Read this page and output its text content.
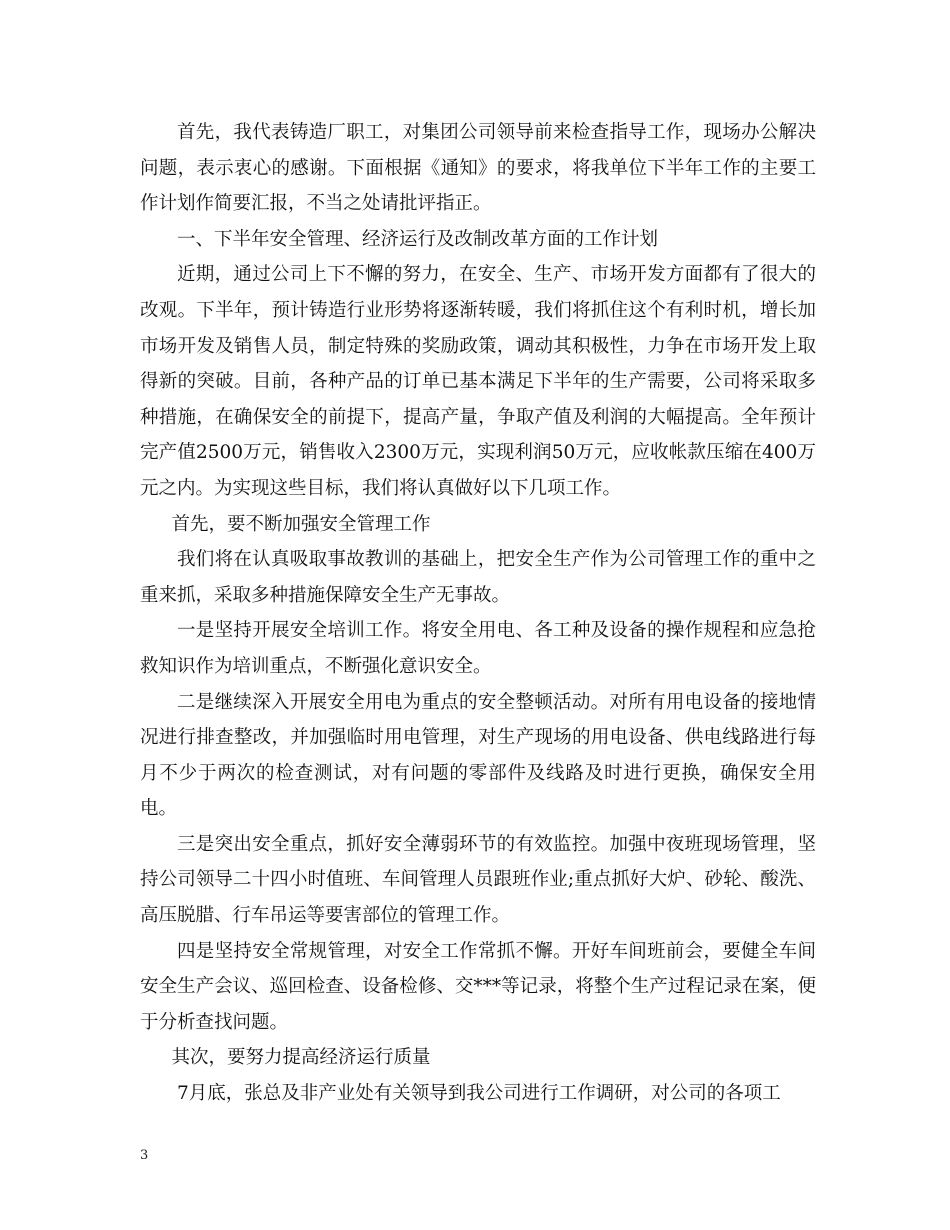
首先，我代表铸造厂职工，对集团公司领导前来检查指导工作，现场办公解决问题，表示衷心的感谢。下面根据《通知》的要求，将我单位下半年工作的主要工作计划作简要汇报，不当之处请批评指正。

一、下半年安全管理、经济运行及改制改革方面的工作计划

近期，通过公司上下不懈的努力，在安全、生产、市场开发方面都有了很大的改观。下半年，预计铸造行业形势将逐渐转暖，我们将抓住这个有利时机，增长加市场开发及销售人员，制定特殊的奖励政策，调动其积极性，力争在市场开发上取得新的突破。目前，各种产品的订单已基本满足下半年的生产需要，公司将采取多种措施，在确保安全的前提下，提高产量，争取产值及利润的大幅提高。全年预计完产值2500万元，销售收入2300万元，实现利润50万元，应收帐款压缩在400万元之内。为实现这些目标，我们将认真做好以下几项工作。

首先，要不断加强安全管理工作

我们将在认真吸取事故教训的基础上，把安全生产作为公司管理工作的重中之重来抓，采取多种措施保障安全生产无事故。

一是坚持开展安全培训工作。将安全用电、各工种及设备的操作规程和应急抢救知识作为培训重点，不断强化意识安全。

二是继续深入开展安全用电为重点的安全整顿活动。对所有用电设备的接地情况进行排查整改，并加强临时用电管理，对生产现场的用电设备、供电线路进行每月不少于两次的检查测试，对有问题的零部件及线路及时进行更换，确保安全用电。

三是突出安全重点，抓好安全薄弱环节的有效监控。加强中夜班现场管理，坚持公司领导二十四小时值班、车间管理人员跟班作业;重点抓好大炉、砂轮、酸洗、高压脱腊、行车吊运等要害部位的管理工作。

四是坚持安全常规管理，对安全工作常抓不懈。开好车间班前会，要健全车间安全生产会议、巡回检查、设备检修、交***等记录，将整个生产过程记录在案，便于分析查找问题。

其次，要努力提高经济运行质量

7月底，张总及非产业处有关领导到我公司进行工作调研，对公司的各项工

3
